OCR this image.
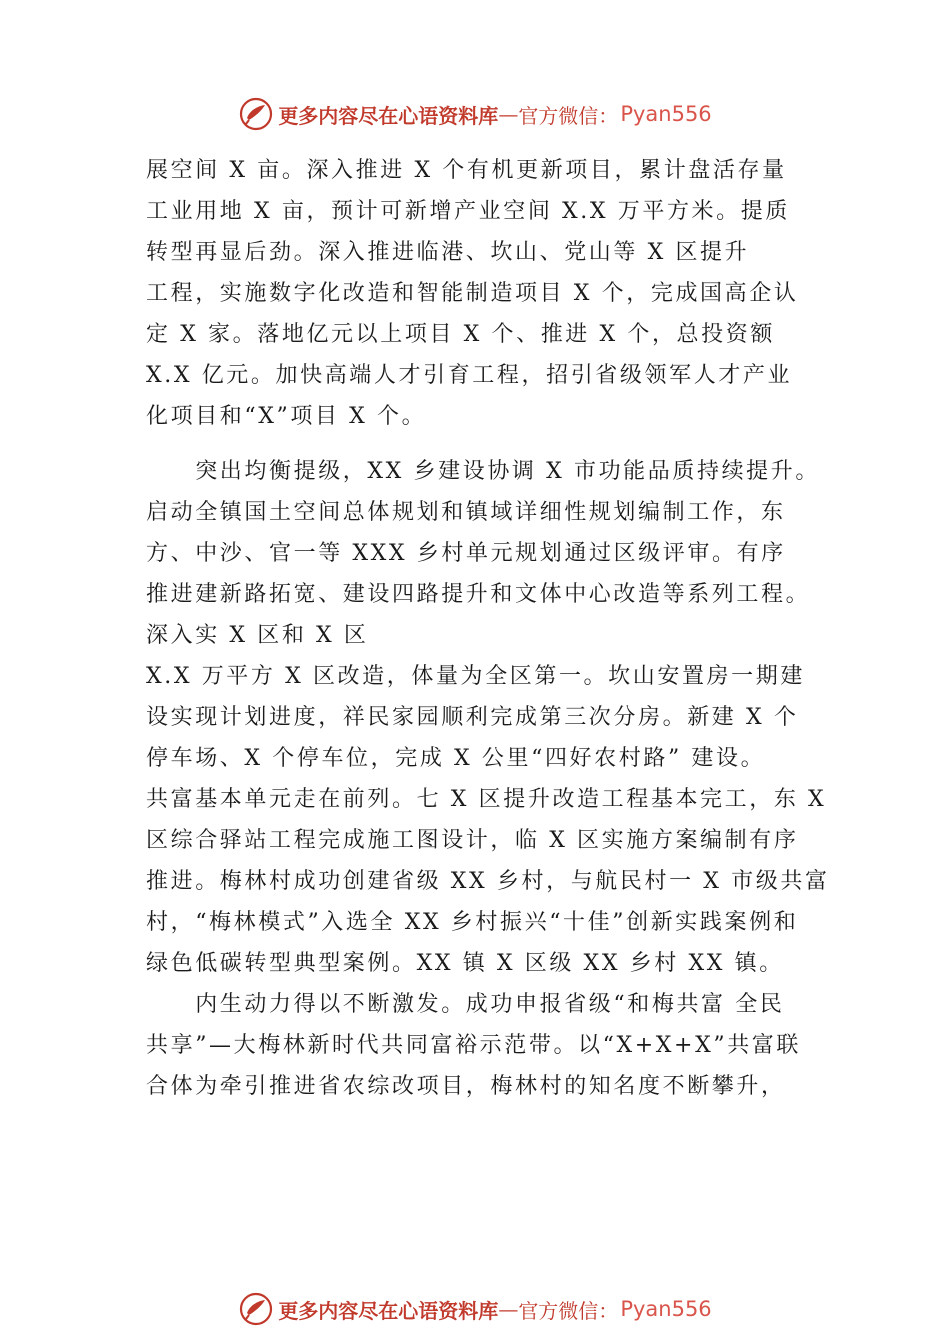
更多内容尽在心语资料库 — 官方微信： Pyan556
展空间 X 亩。深入推进 X 个有机更新项目，累计盘活存量
工业用地 X 亩，预计可新增产业空间 X.X 万平方米。提质
转型再显后劲。深入推进临港、坎山、党山等 X 区提升
工程，实施数字化改造和智能制造项目 X 个，完成国高企认
定 X 家。落地亿元以上项目 X 个、推进 X 个，总投资额
X.X 亿元。加快高端人才引育工程，招引省级领军人才产业
化项目和“X”项目 X 个。
　　突出均衡提级，XX 乡建设协调 X 市功能品质持续提升。
启动全镇国土空间总体规划和镇域详细性规划编制工作，东
方、中沙、官一等 XXX 乡村单元规划通过区级评审。有序
推进建新路拓宽、建设四路提升和文体中心改造等系列工程。
深入实 X 区和 X 区
X.X 万平方 X 区改造，体量为全区第一。坎山安置房一期建
设实现计划进度，祥民家园顺利完成第三次分房。新建 X 个
停车场、X 个停车位，完成 X 公里“四好农村路” 建设。
共富基本单元走在前列。七 X 区提升改造工程基本完工，东 X
区综合驿站工程完成施工图设计，临 X 区实施方案编制有序
推进。梅林村成功创建省级 XX 乡村，与航民村一 X 市级共富
村，“梅林模式”入选全 XX 乡村振兴“十佳”创新实践案例和
绿色低碳转型典型案例。XX 镇 X 区级 XX 乡村 XX 镇。
　　内生动力得以不断激发。成功申报省级“和梅共富 全民
共享”—大梅林新时代共同富裕示范带。以“X+X+X”共富联
合体为牵引推进省农综改项目，梅林村的知名度不断攀升，
更多内容尽在心语资料库 — 官方微信： Pyan556
